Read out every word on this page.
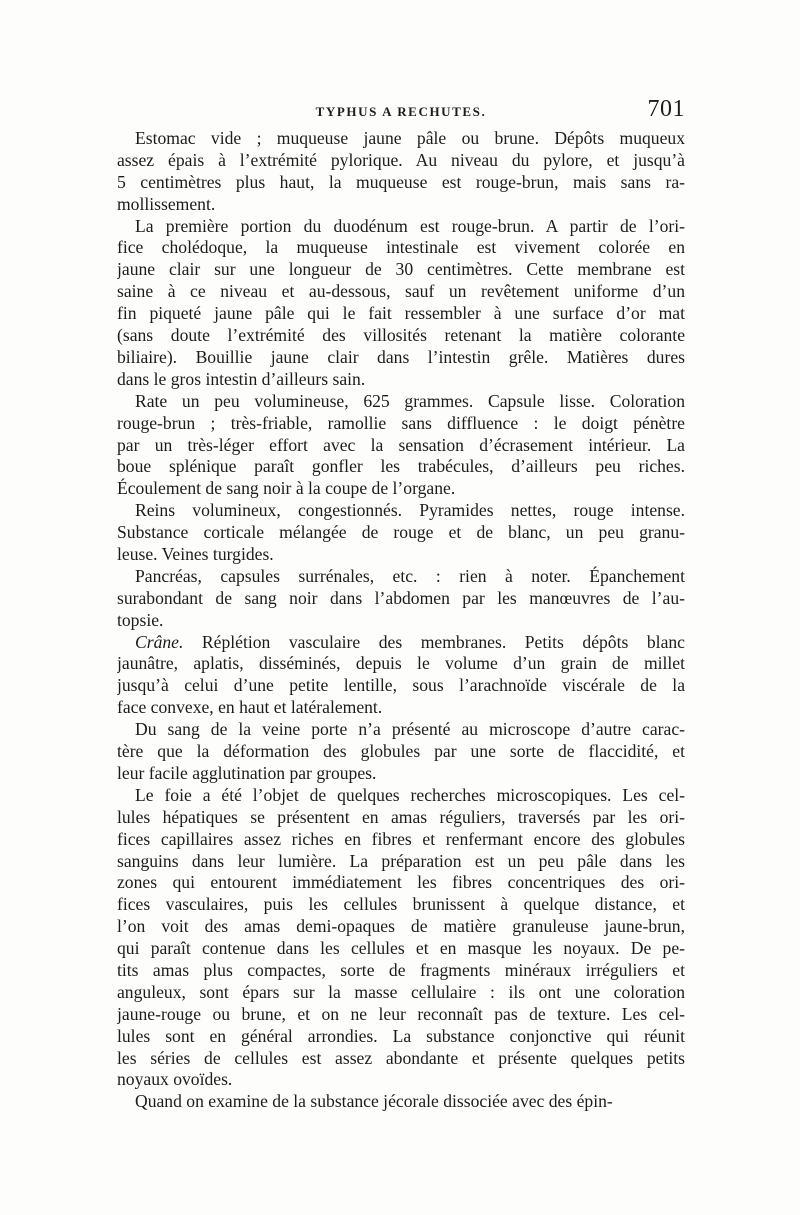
TYPHUS A RECHUTES.	701
Estomac vide ; muqueuse jaune pâle ou brune. Dépôts muqueux
assez épais à l’extrémité pylorique. Au niveau du pylore, et jusqu’à
5 centimètres plus haut, la muqueuse est rouge-brun, mais sans ra-
mollissement.
La première portion du duodénum est rouge-brun. A partir de l’ori-
fice cholédoque, la muqueuse intestinale est vivement colorée en
jaune clair sur une longueur de 30 centimètres. Cette membrane est
saine à ce niveau et au-dessous, sauf un revêtement uniforme d’un
fin piqueté jaune pâle qui le fait ressembler à une surface d’or mat
(sans doute l’extrémité des villosités retenant la matière colorante
biliaire). Bouillie jaune clair dans l’intestin grêle. Matières dures
dans le gros intestin d’ailleurs sain.
Rate un peu volumineuse, 625 grammes. Capsule lisse. Coloration
rouge-brun ; très-friable, ramollie sans diffluence : le doigt pénètre
par un très-léger effort avec la sensation d’écrasement intérieur. La
boue splénique paraît gonfler les trabécules, d’ailleurs peu riches.
Écoulement de sang noir à la coupe de l’organe.
Reins volumineux, congestionnés. Pyramides nettes, rouge intense.
Substance corticale mélangée de rouge et de blanc, un peu granu-
leuse. Veines turgides.
Pancréas, capsules surrénales, etc. : rien à noter. Épanchement
surabondant de sang noir dans l’abdomen par les manœuvres de l’au-
topsie.
Crâne. Réplétion vasculaire des membranes. Petits dépôts blanc
jaunâtre, aplatis, disséminés, depuis le volume d’un grain de millet
jusqu’à celui d’une petite lentille, sous l’arachnoïde viscérale de la
face convexe, en haut et latéralement.
Du sang de la veine porte n’a présenté au microscope d’autre carac-
tère que la déformation des globules par une sorte de flaccidité, et
leur facile agglutination par groupes.
Le foie a été l’objet de quelques recherches microscopiques. Les cel-
lules hépatiques se présentent en amas réguliers, traversés par les ori-
fices capillaires assez riches en fibres et renfermant encore des globules
sanguins dans leur lumière. La préparation est un peu pâle dans les
zones qui entourent immédiatement les fibres concentriques des ori-
fices vasculaires, puis les cellules brunissent à quelque distance, et
l’on voit des amas demi-opaques de matière granuleuse jaune-brun,
qui paraît contenue dans les cellules et en masque les noyaux. De pe-
tits amas plus compactes, sorte de fragments minéraux irréguliers et
anguleux, sont épars sur la masse cellulaire : ils ont une coloration
jaune-rouge ou brune, et on ne leur reconnaît pas de texture. Les cel-
lules sont en général arrondies. La substance conjonctive qui réunit
les séries de cellules est assez abondante et présente quelques petits
noyaux ovoïdes.
Quand on examine de la substance jécorale dissociée avec des épin-
